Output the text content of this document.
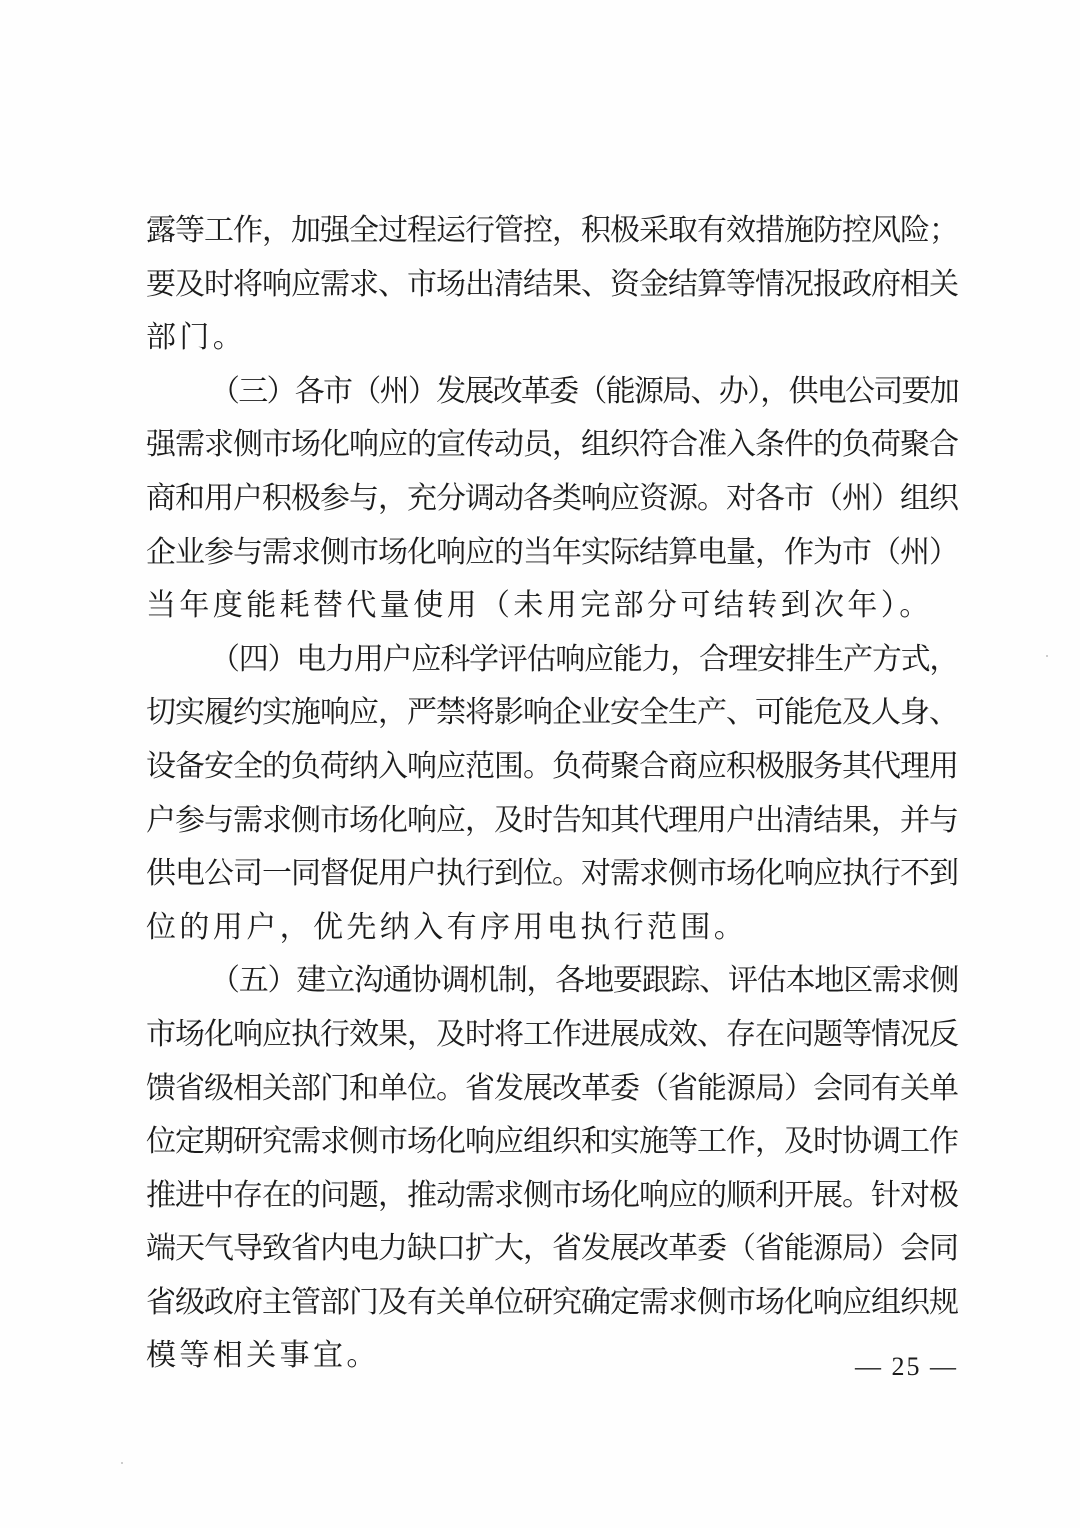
露等工作，加强全过程运行管控，积极采取有效措施防控风险；
要及时将响应需求、市场出清结果、资金结算等情况报政府相关
部门。
（三）各市（州）发展改革委（能源局、办），供电公司要加
强需求侧市场化响应的宣传动员，组织符合准入条件的负荷聚合
商和用户积极参与，充分调动各类响应资源。对各市（州）组织
企业参与需求侧市场化响应的当年实际结算电量，作为市（州）
当年度能耗替代量使用（未用完部分可结转到次年）。
（四）电力用户应科学评估响应能力，合理安排生产方式，
切实履约实施响应，严禁将影响企业安全生产、可能危及人身、
设备安全的负荷纳入响应范围。负荷聚合商应积极服务其代理用
户参与需求侧市场化响应，及时告知其代理用户出清结果，并与
供电公司一同督促用户执行到位。对需求侧市场化响应执行不到
位的用户，优先纳入有序用电执行范围。
（五）建立沟通协调机制，各地要跟踪、评估本地区需求侧
市场化响应执行效果，及时将工作进展成效、存在问题等情况反
馈省级相关部门和单位。省发展改革委（省能源局）会同有关单
位定期研究需求侧市场化响应组织和实施等工作，及时协调工作
推进中存在的问题，推动需求侧市场化响应的顺利开展。针对极
端天气导致省内电力缺口扩大，省发展改革委（省能源局）会同
省级政府主管部门及有关单位研究确定需求侧市场化响应组织规
模等相关事宜。	— 25 —
